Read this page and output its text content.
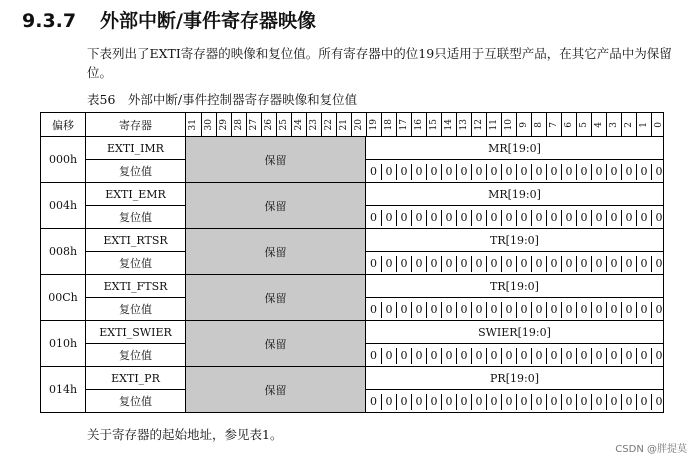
9.3.7 外部中断/事件寄存器映像
下表列出了EXTI寄存器的映像和复位值。所有寄存器中的位19只适用于互联型产品，在其它产品中为保留位。
表56　外部中断/事件控制器寄存器映像和复位值
偏移	寄存器	31 30 29 28 27 26 25 24 23 22 21 20 19 18 17 16 15 14 13 12 11 10 9 8 7 6 5 4 3 2 1 0
000h
EXTI_IMR
复位值
保留
MR[19:0]
0 0 0 0 0 0 0 0 0 0 0 0 0 0 0 0 0 0 0 0
004h
EXTI_EMR
复位值
保留
MR[19:0]
0 0 0 0 0 0 0 0 0 0 0 0 0 0 0 0 0 0 0 0
008h
EXTI_RTSR
复位值
保留
TR[19:0]
0 0 0 0 0 0 0 0 0 0 0 0 0 0 0 0 0 0 0 0
00Ch
EXTI_FTSR
复位值
保留
TR[19:0]
0 0 0 0 0 0 0 0 0 0 0 0 0 0 0 0 0 0 0 0
010h
EXTI_SWIER
复位值
保留
SWIER[19:0]
0 0 0 0 0 0 0 0 0 0 0 0 0 0 0 0 0 0 0 0
014h
EXTI_PR
复位值
保留
PR[19:0]
0 0 0 0 0 0 0 0 0 0 0 0 0 0 0 0 0 0 0 0
关于寄存器的起始地址，参见表1。
CSDN @胖提莫
